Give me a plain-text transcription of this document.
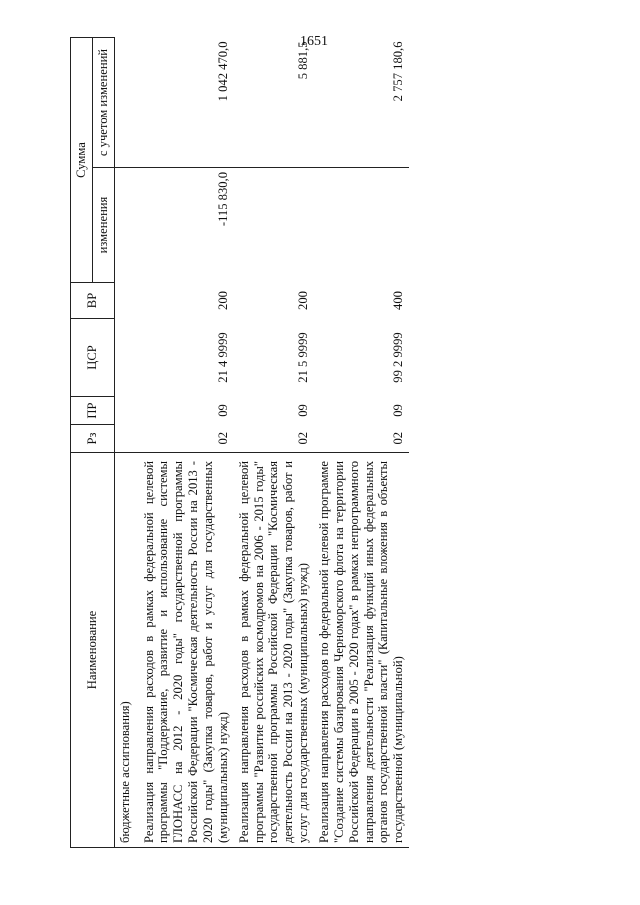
1651
Наименование	Рз	ПР	ЦСР	ВР	Сумма	
					изменения	с учетом изменений
бюджетные ассигнования)						
Реализация направления расходов в рамках федеральной целевой программы "Поддержание, развитие и использование системы ГЛОНАСС на 2012 - 2020 годы" государственной программы Российской Федерации "Космическая деятельность России на 2013 - 2020 годы" (Закупка товаров, работ и услуг для государственных (муниципальных) нужд)	02	09	21 4 9999	200	-115 830,0	1 042 470,0
Реализация направления расходов в рамках федеральной целевой программы "Развитие российских космодромов на 2006 - 2015 годы" государственной программы Российской Федерации "Космическая деятельность России на 2013 - 2020 годы" (Закупка товаров, работ и услуг для государственных (муниципальных) нужд)	02	09	21 5 9999	200		5 881,5
Реализация направления расходов по федеральной целевой программе "Создание системы базирования Черноморского флота на территории Российской Федерации в 2005 - 2020 годах" в рамках непрограммного направления деятельности "Реализация функций иных федеральных органов государственной власти" (Капитальные вложения в объекты государственной (муниципальной)	02	09	99 2 9999	400		2 757 180,6
